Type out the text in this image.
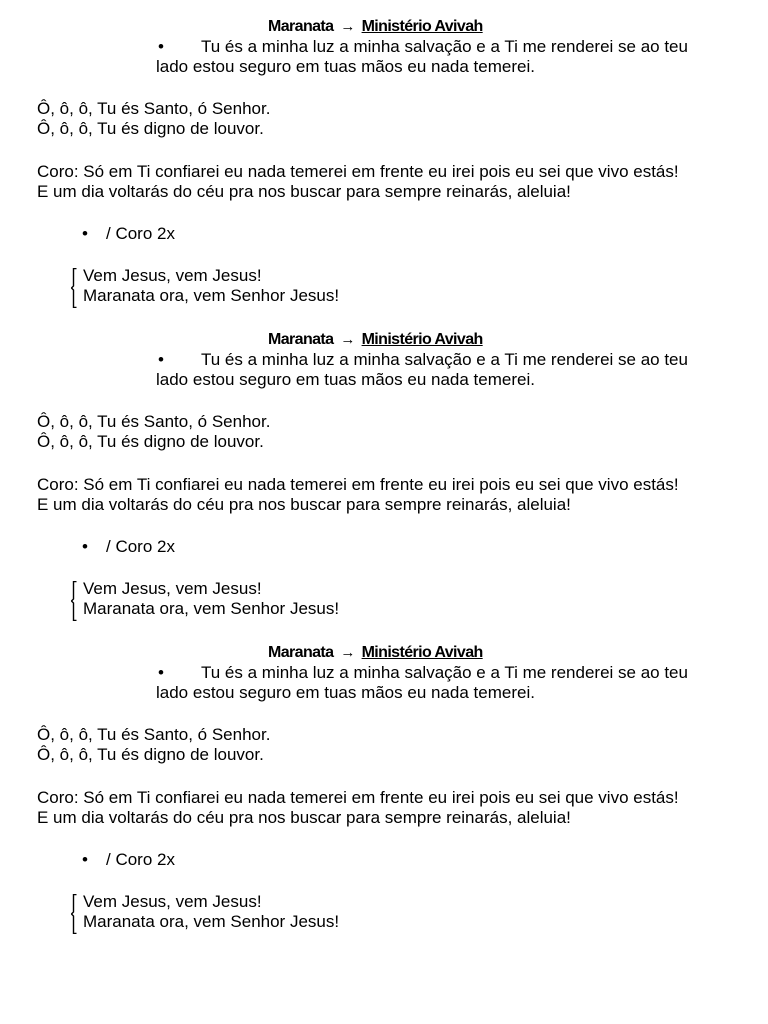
Maranata → Ministério Avivah
• Tu és a minha luz a minha salvação e a Ti me renderei se ao teu
lado estou seguro em tuas mãos eu nada temerei.
Ô, ô, ô, Tu és Santo, ó Senhor.
Ô, ô, ô, Tu és digno de louvor.
Coro: Só em Ti confiarei eu nada temerei em frente eu irei pois eu sei que vivo estás!
E um dia voltarás do céu pra nos buscar para sempre reinarás, aleluia!
• / Coro 2x
Vem Jesus, vem Jesus!
Maranata ora, vem Senhor Jesus!
Maranata → Ministério Avivah
• Tu és a minha luz a minha salvação e a Ti me renderei se ao teu
lado estou seguro em tuas mãos eu nada temerei.
Ô, ô, ô, Tu és Santo, ó Senhor.
Ô, ô, ô, Tu és digno de louvor.
Coro: Só em Ti confiarei eu nada temerei em frente eu irei pois eu sei que vivo estás!
E um dia voltarás do céu pra nos buscar para sempre reinarás, aleluia!
• / Coro 2x
Vem Jesus, vem Jesus!
Maranata ora, vem Senhor Jesus!
Maranata → Ministério Avivah
• Tu és a minha luz a minha salvação e a Ti me renderei se ao teu
lado estou seguro em tuas mãos eu nada temerei.
Ô, ô, ô, Tu és Santo, ó Senhor.
Ô, ô, ô, Tu és digno de louvor.
Coro: Só em Ti confiarei eu nada temerei em frente eu irei pois eu sei que vivo estás!
E um dia voltarás do céu pra nos buscar para sempre reinarás, aleluia!
• / Coro 2x
Vem Jesus, vem Jesus!
Maranata ora, vem Senhor Jesus!
